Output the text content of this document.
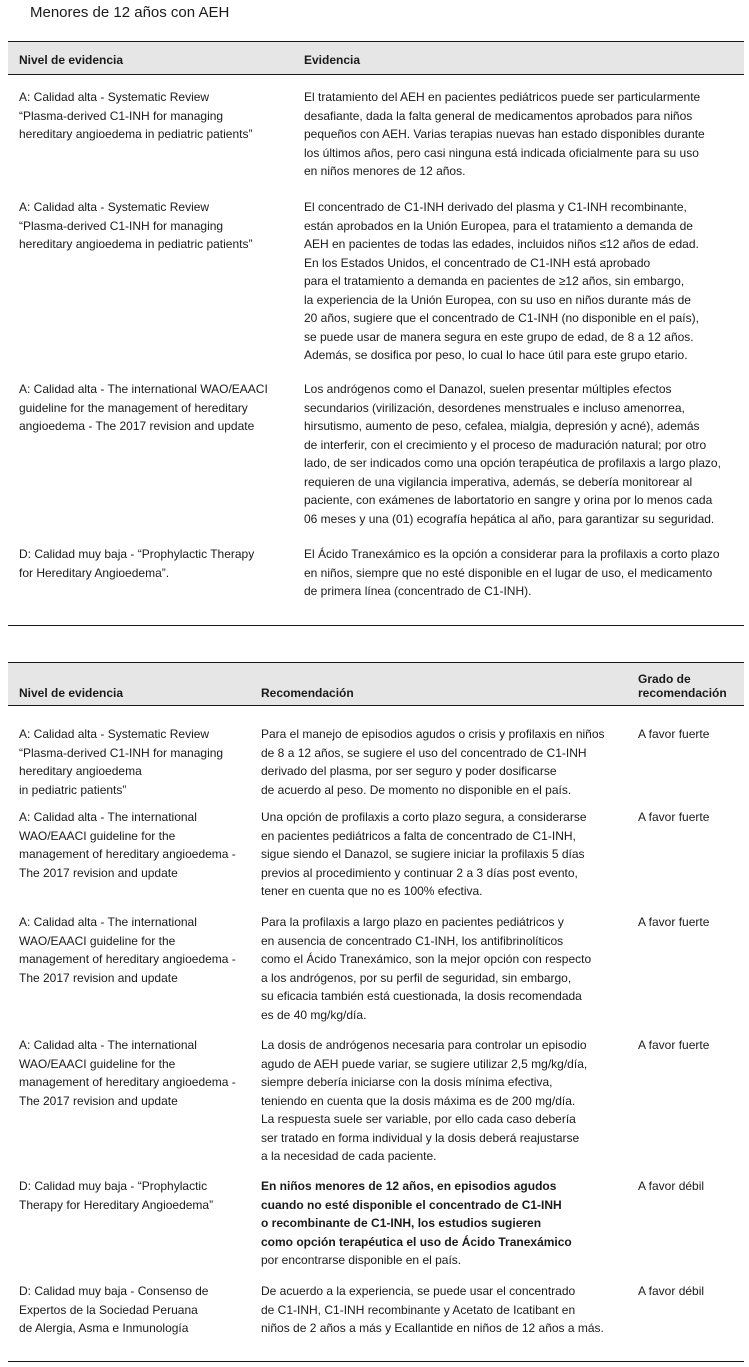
Menores de 12 años con AEH
Nivel de evidencia	Evidencia
A: Calidad alta - Systematic Review
“Plasma-derived C1-INH for managing
hereditary angioedema in pediatric patients”
El tratamiento del AEH en pacientes pediátricos puede ser particularmente
desafiante, dada la falta general de medicamentos aprobados para niños
pequeños con AEH. Varias terapias nuevas han estado disponibles durante
los últimos años, pero casi ninguna está indicada oficialmente para su uso
en niños menores de 12 años.
A: Calidad alta - Systematic Review
“Plasma-derived C1-INH for managing
hereditary angioedema in pediatric patients”
El concentrado de C1-INH derivado del plasma y C1-INH recombinante,
están aprobados en la Unión Europea, para el tratamiento a demanda de
AEH en pacientes de todas las edades, incluidos niños ≤12 años de edad.
En los Estados Unidos, el concentrado de C1-INH está aprobado
para el tratamiento a demanda en pacientes de ≥12 años, sin embargo,
la experiencia de la Unión Europea, con su uso en niños durante más de
20 años, sugiere que el concentrado de C1-INH (no disponible en el país),
se puede usar de manera segura en este grupo de edad, de 8 a 12 años.
Además, se dosifica por peso, lo cual lo hace útil para este grupo etario.
A: Calidad alta - The international WAO/EAACI
guideline for the management of hereditary
angioedema - The 2017 revision and update
Los andrógenos como el Danazol, suelen presentar múltiples efectos
secundarios (virilización, desordenes menstruales e incluso amenorrea,
hirsutismo, aumento de peso, cefalea, mialgia, depresión y acné), además
de interferir, con el crecimiento y el proceso de maduración natural; por otro
lado, de ser indicados como una opción terapéutica de profilaxis a largo plazo,
requieren de una vigilancia imperativa, además, se debería monitorear al
paciente, con exámenes de labortatorio en sangre y orina por lo menos cada
06 meses y una (01) ecografía hepática al año, para garantizar su seguridad.
D: Calidad muy baja - “Prophylactic Therapy
for Hereditary Angioedema”.
El Ácido Tranexámico es la opción a considerar para la profilaxis a corto plazo
en niños, siempre que no esté disponible en el lugar de uso, el medicamento
de primera línea (concentrado de C1-INH).
Nivel de evidencia	Recomendación
Grado de
recomendación
A: Calidad alta - Systematic Review
“Plasma-derived C1-INH for managing
hereditary angioedema
in pediatric patients”
Para el manejo de episodios agudos o crisis y profilaxis en niños
de 8 a 12 años, se sugiere el uso del concentrado de C1-INH
derivado del plasma, por ser seguro y poder dosificarse
de acuerdo al peso. De momento no disponible en el país.
A favor fuerte
A: Calidad alta - The international
WAO/EAACI guideline for the
management of hereditary angioedema -
The 2017 revision and update
Una opción de profilaxis a corto plazo segura, a considerarse
en pacientes pediátricos a falta de concentrado de C1-INH,
sigue siendo el Danazol, se sugiere iniciar la profilaxis 5 días
previos al procedimiento y continuar 2 a 3 días post evento,
tener en cuenta que no es 100% efectiva.
A favor fuerte
A: Calidad alta - The international
WAO/EAACI guideline for the
management of hereditary angioedema -
The 2017 revision and update
Para la profilaxis a largo plazo en pacientes pediátricos y
en ausencia de concentrado C1-INH, los antifibrinolíticos
como el Ácido Tranexámico, son la mejor opción con respecto
a los andrógenos, por su perfil de seguridad, sin embargo,
su eficacia también está cuestionada, la dosis recomendada
es de 40 mg/kg/día.
A favor fuerte
A: Calidad alta - The international
WAO/EAACI guideline for the
management of hereditary angioedema -
The 2017 revision and update
La dosis de andrógenos necesaria para controlar un episodio
agudo de AEH puede variar, se sugiere utilizar 2,5 mg/kg/día,
siempre debería iniciarse con la dosis mínima efectiva,
teniendo en cuenta que la dosis máxima es de 200 mg/día.
La respuesta suele ser variable, por ello cada caso debería
ser tratado en forma individual y la dosis deberá reajustarse
a la necesidad de cada paciente.
A favor fuerte
D: Calidad muy baja - “Prophylactic
Therapy for Hereditary Angioedema”
En niños menores de 12 años, en episodios agudos
cuando no esté disponible el concentrado de C1-INH
o recombinante de C1-INH, los estudios sugieren
como opción terapéutica el uso de Ácido Tranexámico
por encontrarse disponible en el país.
A favor débil
D: Calidad muy baja - Consenso de
Expertos de la Sociedad Peruana
de Alergia, Asma e Inmunología
De acuerdo a la experiencia, se puede usar el concentrado
de C1-INH, C1-INH recombinante y Acetato de Icatibant en
niños de 2 años a más y Ecallantide en niños de 12 años a más.
A favor débil
